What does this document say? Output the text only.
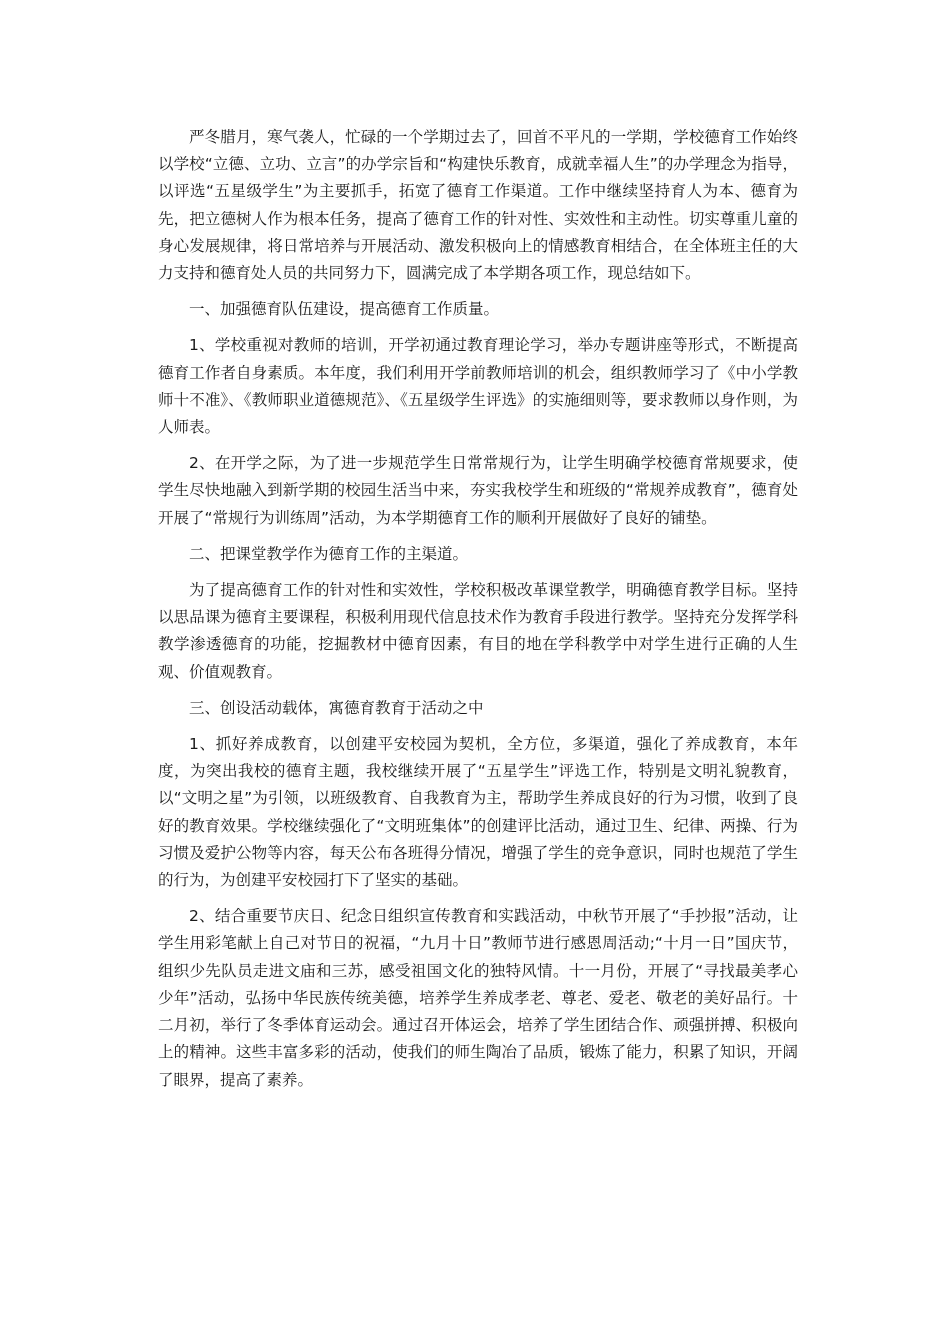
严冬腊月，寒气袭人，忙碌的一个学期过去了，回首不平凡的一学期，学校德育工作始终以学校“立德、立功、立言”的办学宗旨和“构建快乐教育，成就幸福人生”的办学理念为指导，以评选“五星级学生”为主要抓手，拓宽了德育工作渠道。工作中继续坚持育人为本、德育为先，把立德树人作为根本任务，提高了德育工作的针对性、实效性和主动性。切实尊重儿童的身心发展规律，将日常培养与开展活动、激发积极向上的情感教育相结合，在全体班主任的大力支持和德育处人员的共同努力下，圆满完成了本学期各项工作，现总结如下。

一、加强德育队伍建设，提高德育工作质量。

1、学校重视对教师的培训，开学初通过教育理论学习，举办专题讲座等形式，不断提高德育工作者自身素质。本年度，我们利用开学前教师培训的机会，组织教师学习了《中小学教师十不准》、《教师职业道德规范》、《五星级学生评选》的实施细则等，要求教师以身作则，为人师表。

2、在开学之际，为了进一步规范学生日常常规行为，让学生明确学校德育常规要求，使学生尽快地融入到新学期的校园生活当中来，夯实我校学生和班级的“常规养成教育”，德育处开展了“常规行为训练周”活动，为本学期德育工作的顺利开展做好了良好的铺垫。

二、把课堂教学作为德育工作的主渠道。

为了提高德育工作的针对性和实效性，学校积极改革课堂教学，明确德育教学目标。坚持以思品课为德育主要课程，积极利用现代信息技术作为教育手段进行教学。坚持充分发挥学科教学渗透德育的功能，挖掘教材中德育因素，有目的地在学科教学中对学生进行正确的人生观、价值观教育。

三、创设活动载体，寓德育教育于活动之中

1、抓好养成教育，以创建平安校园为契机，全方位，多渠道，强化了养成教育，本年度，为突出我校的德育主题，我校继续开展了“五星学生”评选工作，特别是文明礼貌教育，以“文明之星”为引领，以班级教育、自我教育为主，帮助学生养成良好的行为习惯，收到了良好的教育效果。学校继续强化了“文明班集体”的创建评比活动，通过卫生、纪律、两操、行为习惯及爱护公物等内容，每天公布各班得分情况，增强了学生的竞争意识，同时也规范了学生的行为，为创建平安校园打下了坚实的基础。

2、结合重要节庆日、纪念日组织宣传教育和实践活动，中秋节开展了“手抄报”活动，让学生用彩笔献上自己对节日的祝福，“九月十日”教师节进行感恩周活动;“十月一日”国庆节，组织少先队员走进文庙和三苏，感受祖国文化的独特风情。十一月份，开展了“寻找最美孝心少年”活动，弘扬中华民族传统美德，培养学生养成孝老、尊老、爱老、敬老的美好品行。十二月初，举行了冬季体育运动会。通过召开体运会，培养了学生团结合作、顽强拼搏、积极向上的精神。这些丰富多彩的活动，使我们的师生陶冶了品质，锻炼了能力，积累了知识，开阔了眼界，提高了素养。
